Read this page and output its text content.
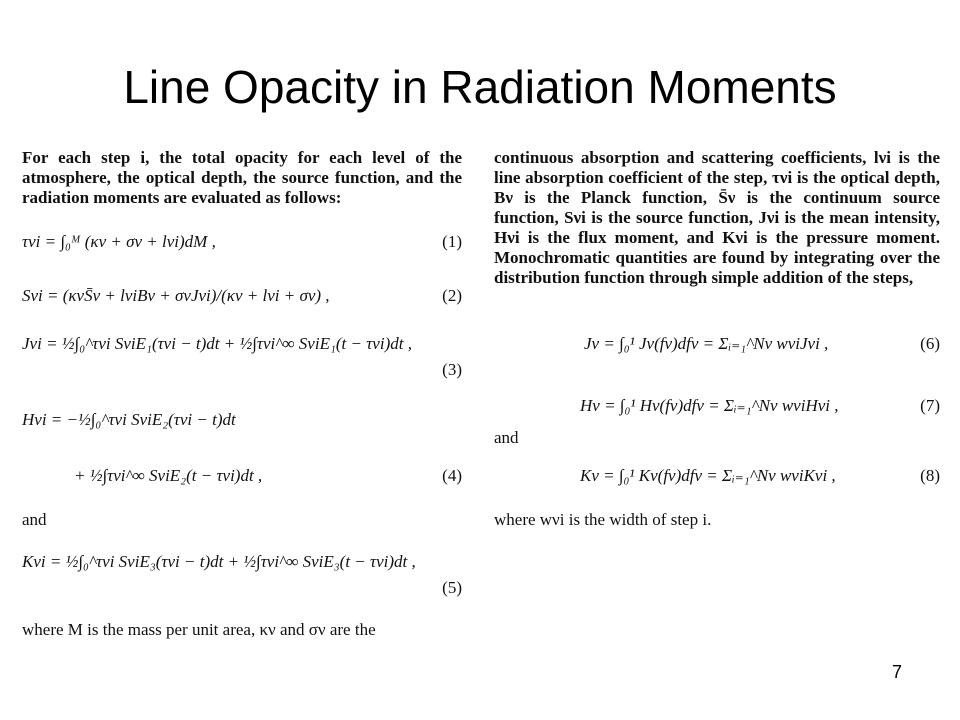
Line Opacity in Radiation Moments

For each step i, the total opacity for each level of the atmosphere, the optical depth, the source function, and the radiation moments are evaluated as follows:

τνi = ∫₀ᴹ (κν + σν + lνi)dM ,	(1)
Sνi = (κνS̄ν + lνiBν + σνJνi)/(κν + lνi + σν) ,	(2)
Jνi = ½∫₀^τνi SνiE₁(τνi − t)dt + ½∫τνi^∞ SνiE₁(t − τνi)dt ,
(3)
Hνi = −½∫₀^τνi SνiE₂(τνi − t)dt
+ ½∫τνi^∞ SνiE₂(t − τνi)dt ,	(4)
and
Kνi = ½∫₀^τνi SνiE₃(τνi − t)dt + ½∫τνi^∞ SνiE₃(t − τνi)dt ,
(5)
where M is the mass per unit area, κν and σν are the

continuous absorption and scattering coefficients, lνi is the line absorption coefficient of the step, τνi is the optical depth, Bν is the Planck function, S̄ν is the continuum source function, Sνi is the source function, Jνi is the mean intensity, Hνi is the flux moment, and Kνi is the pressure moment. Monochromatic quantities are found by integrating over the distribution function through simple addition of the steps,

Jν = ∫₀¹ Jν(fν)dfν = Σᵢ₌₁^Nν wνiJνi ,	(6)
Hν = ∫₀¹ Hν(fν)dfν = Σᵢ₌₁^Nν wνiHνi ,	(7)
and
Kν = ∫₀¹ Kν(fν)dfν = Σᵢ₌₁^Nν wνiKνi ,	(8)
where wνi is the width of step i.
7
